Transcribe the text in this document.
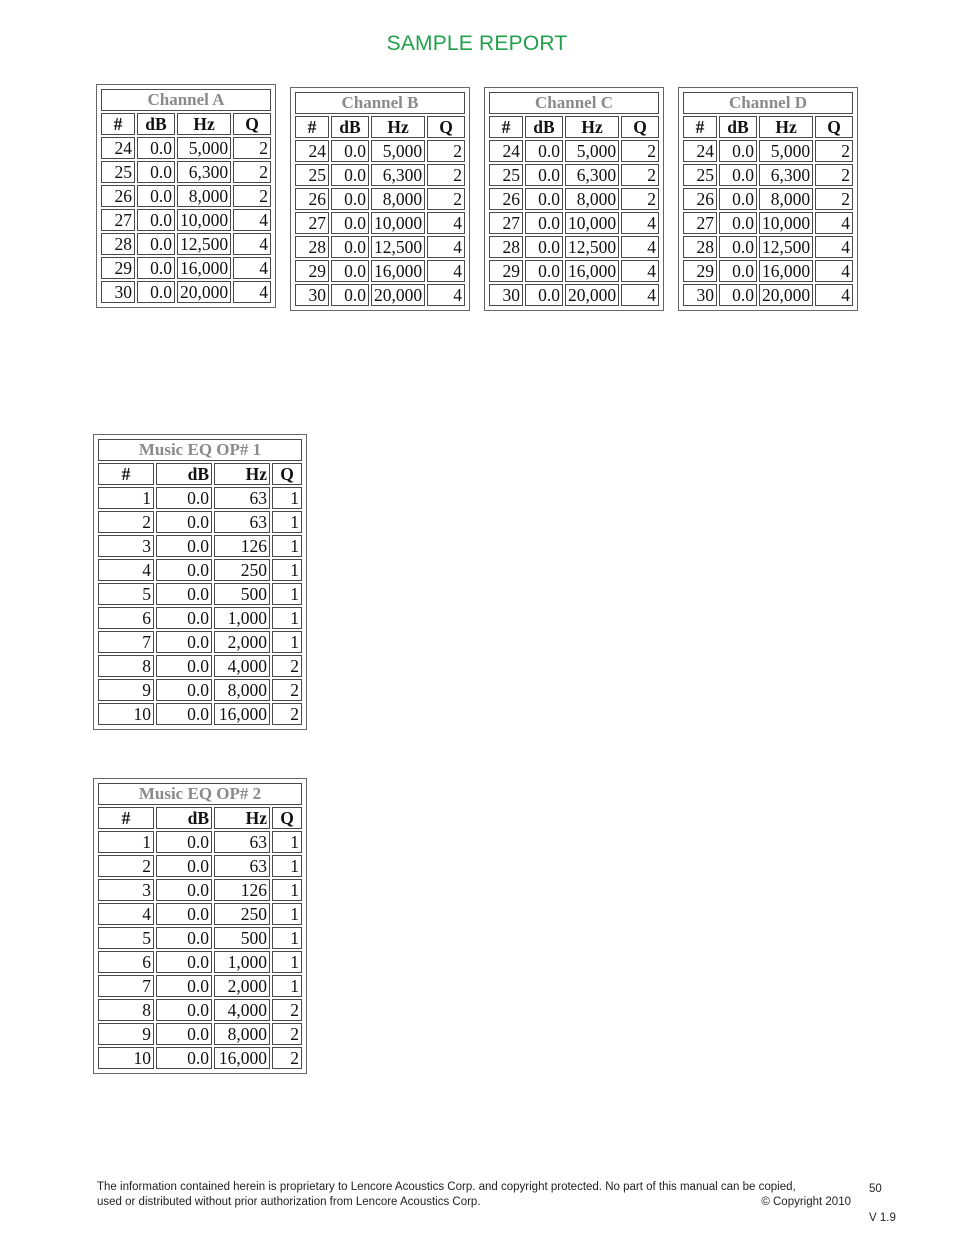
SAMPLE REPORT
Channel A			
#	dB	Hz	Q
24	0.0	5,000	2
25	0.0	6,300	2
26	0.0	8,000	2
27	0.0	10,000	4
28	0.0	12,500	4
29	0.0	16,000	4
30	0.0	20,000	4
Channel B			
#	dB	Hz	Q
24	0.0	5,000	2
25	0.0	6,300	2
26	0.0	8,000	2
27	0.0	10,000	4
28	0.0	12,500	4
29	0.0	16,000	4
30	0.0	20,000	4
Channel C			
#	dB	Hz	Q
24	0.0	5,000	2
25	0.0	6,300	2
26	0.0	8,000	2
27	0.0	10,000	4
28	0.0	12,500	4
29	0.0	16,000	4
30	0.0	20,000	4
Channel D			
#	dB	Hz	Q
24	0.0	5,000	2
25	0.0	6,300	2
26	0.0	8,000	2
27	0.0	10,000	4
28	0.0	12,500	4
29	0.0	16,000	4
30	0.0	20,000	4
Music EQ OP# 1			
#	dB	Hz	Q
1	0.0	63	1
2	0.0	63	1
3	0.0	126	1
4	0.0	250	1
5	0.0	500	1
6	0.0	1,000	1
7	0.0	2,000	1
8	0.0	4,000	2
9	0.0	8,000	2
10	0.0	16,000	2
Music EQ OP# 2			
#	dB	Hz	Q
1	0.0	63	1
2	0.0	63	1
3	0.0	126	1
4	0.0	250	1
5	0.0	500	1
6	0.0	1,000	1
7	0.0	2,000	1
8	0.0	4,000	2
9	0.0	8,000	2
10	0.0	16,000	2
The information contained herein is proprietary to Lencore Acoustics Corp. and copyright protected. No part of this manual can be copied,
used or distributed without prior authorization from Lencore Acoustics Corp.	© Copyright 2010
50
V 1.9
